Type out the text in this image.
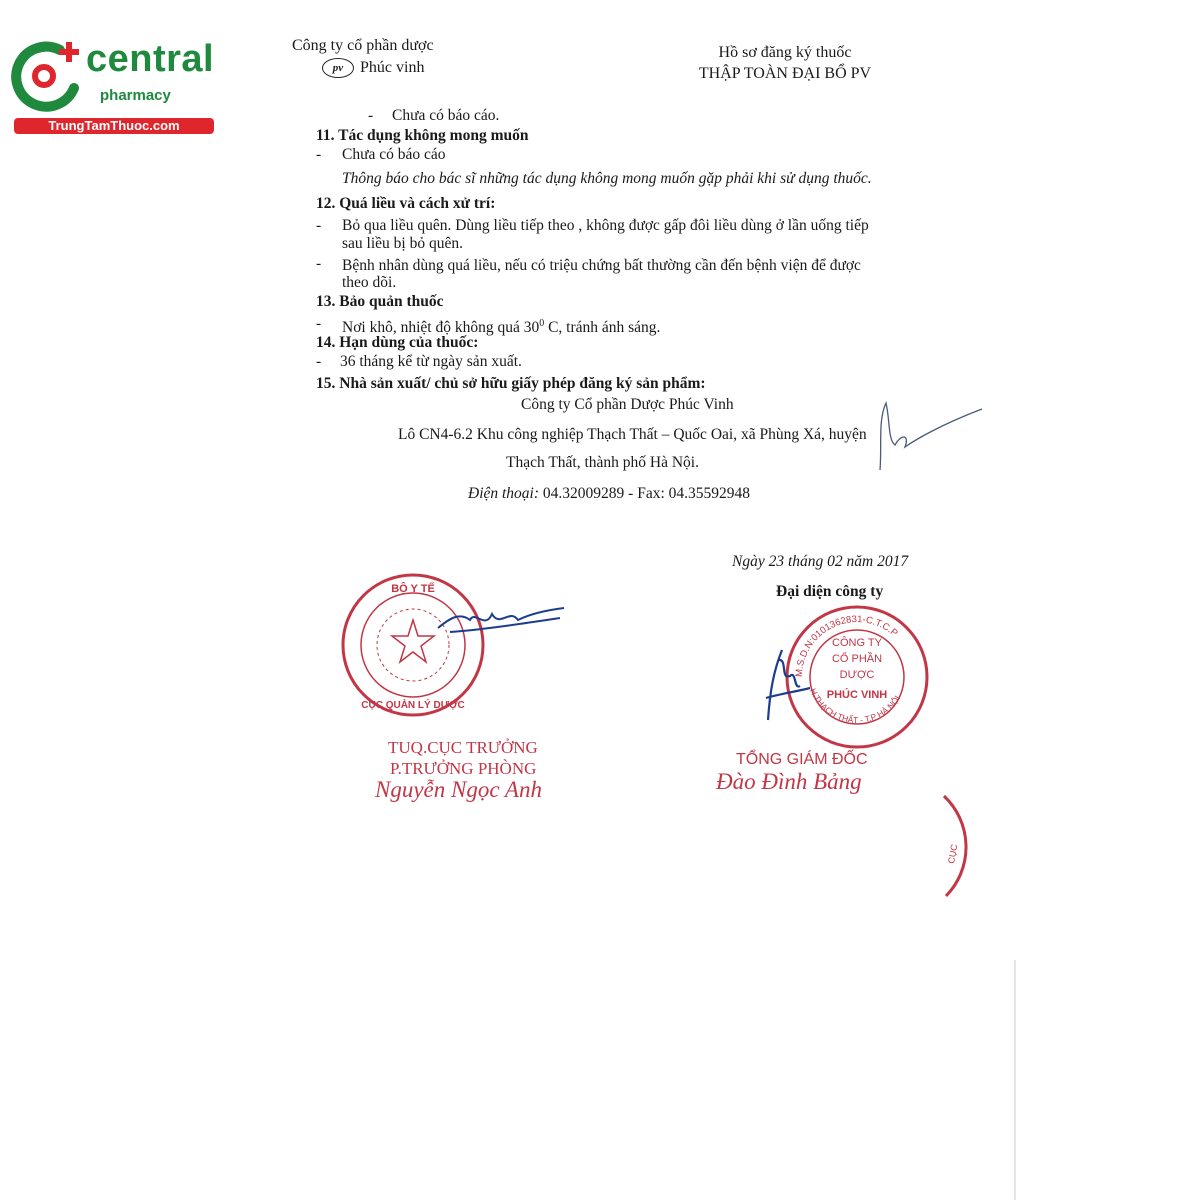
central
pharmacy
TrungTamThuoc.com
Công ty cổ phần dược
pv	Phúc vinh
Hồ sơ đăng ký thuốc
THẬP TOÀN ĐẠI BỔ PV
- Chưa có báo cáo.
11. Tác dụng không mong muốn
- Chưa có báo cáo
Thông báo cho bác sĩ những tác dụng không mong muốn gặp phải khi sử dụng thuốc.
12. Quá liều và cách xử trí:
- Bỏ qua liều quên. Dùng liều tiếp theo , không được gấp đôi liều dùng ở lần uống tiếp
sau liều bị bỏ quên.
- Bệnh nhân dùng quá liều, nếu có triệu chứng bất thường cần đến bệnh viện để được
theo dõi.
13. Bảo quản thuốc
- Nơi khô, nhiệt độ không quá $30^0$ C, tránh ánh sáng.
14. Hạn dùng của thuốc:
- 36 tháng kể từ ngày sản xuất.
15. Nhà sản xuất/ chủ sở hữu giấy phép đăng ký sản phẩm:
Công ty Cổ phần Dược Phúc Vinh
Lô CN4-6.2 Khu công nghiệp Thạch Thất – Quốc Oai, xã Phùng Xá, huyện
Thạch Thất, thành phố Hà Nội.
Điện thoại: 04.32009289 - Fax: 04.35592948
Ngày 23 tháng 02 năm 2017
Đại diện công ty
BỘ Y TẾ
CỤC QUẢN LÝ DƯỢC
TUQ.CỤC TRƯỞNG
P.TRƯỞNG PHÒNG
Nguyễn Ngọc Anh
M.S.D.N:0101362831-C.T.C.P
H.THẠCH THẤT - T.P HÀ NỘI
CÔNG TY
CỔ PHẦN
DƯỢC
PHÚC VINH
TỔNG GIÁM ĐỐC
Đào Đình Bảng
CỤC
